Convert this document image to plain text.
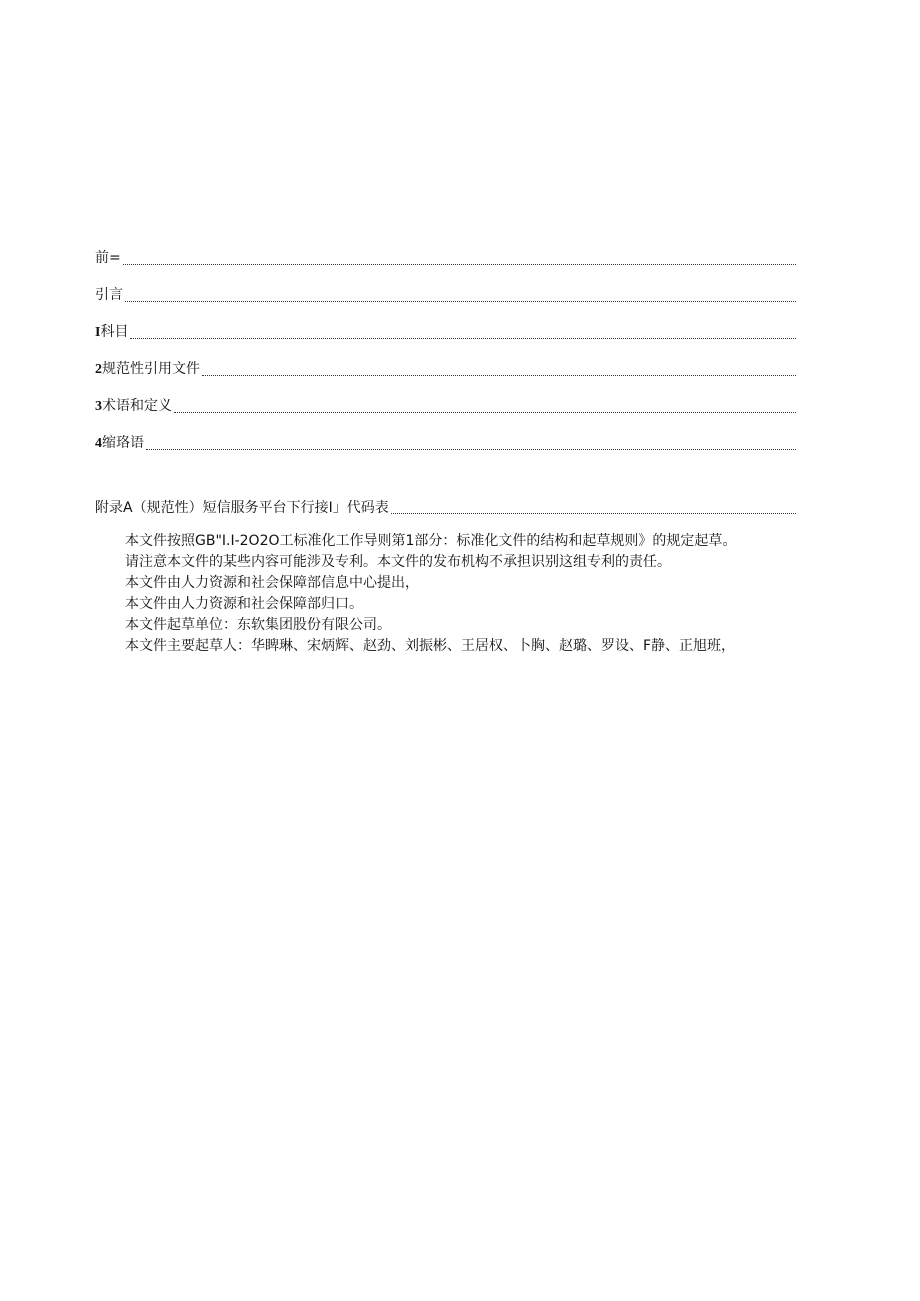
前=
引言
I科目
2规范性引用文件
3术语和定义
4缩珞语
附录A（规范性）短信服务平台下行接I」代码表

本文件按照GB"I.I-2O2O工标准化工作导则第1部分：标准化文件的结构和起草规则》的规定起草。

请注意本文件的某些内容可能涉及专利。本文件的发布机构不承担识别这组专利的责任。

本文件由人力资源和社会保障部信息中心提出，

本文件由人力资源和社会保障部归口。

本文件起草单位：东软集团股份有限公司。

本文件主要起草人：华睥琳、宋炳辉、赵劲、刘振彬、王居权、卜胸、赵璐、罗设、F静、正旭班，
